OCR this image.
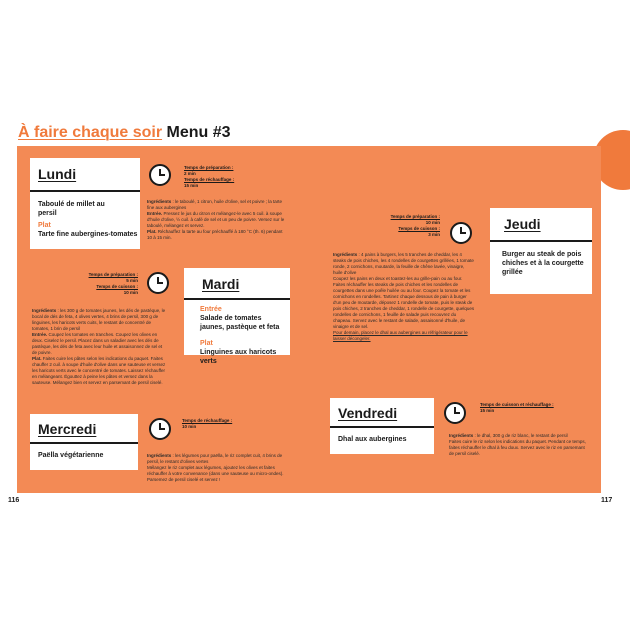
À faire chaque soir Menu #3
Lundi
Taboulé de millet au persil
Plat
Tarte fine aubergines-tomates
Temps de préparation :
2 min
Temps de réchauffage :
15 min

Ingrédients : le taboulé, 1 citron, huile d'olive, sel et poivre ; la tarte fine aux aubergines

Entrée. Pressez le jus du citron et mélangez-le avec 5 cuil. à soupe d'huile d'olive, ½ cuil. à café de sel et un peu de poivre. Versez sur le taboulé, mélangez et servez.

Plat. Réchauffez la tarte au four préchauffé à 180 °C (th. 6) pendant 10 à 15 min.

Mardi
Entrée
Salade de tomates jaunes, pastèque et feta
Plat
Linguines aux haricots verts
Temps de préparation :
5 min
Temps de cuisson :
10 min

Ingrédients : les 300 g de tomates jaunes, les dés de pastèque, le bocal de dés de feta, 4 olives vertes, 4 brins de persil, 300 g de linguines, les haricots verts cuits, le restant de concentré de tomates, 1 brin de persil

Entrée. Coupez les tomates en tranches. Coupez les olives en deux. Ciselez le persil. Placez dans un saladier avec les dés de pastèque, les dés de feta avec leur huile et assaisonnez de sel et de poivre.

Plat. Faites cuire les pâtes selon les indications du paquet. Faites chauffer 2 cuil. à soupe d'huile d'olive dans une sauteuse et versez les haricots verts avec le concentré de tomates. Laissez réchauffer en mélangeant. Égouttez à peine les pâtes et versez dans la sauteuse. Mélangez bien et servez en parsemant de persil ciselé.

Mercredi
Paëlla végétarienne
Temps de réchauffage :
10 min

Ingrédients : les légumes pour paëlla, le riz complet cuit, 4 brins de persil, le restant d'olives vertes

Mélangez le riz complet aux légumes, ajoutez les olives et faites réchauffer à votre convenance (dans une sauteuse ou micro-ondes). Parsemez de persil ciselé et servez !

Jeudi
Burger au steak de pois chiches et à la courgette grillée
Temps de préparation :
10 min
Temps de cuisson :
3 min

Ingrédients : 4 pains à burgers, les 5 tranches de cheddar, les 4 steaks de pois chiches, les 4 rondelles de courgettes grillées, 1 tomate ronde, 2 cornichons, moutarde, la feuille de chêne lavée, vinaigre, huile d'olive

Coupez les pains en deux et toastez-les au grille-pain ou au four. Faites réchauffer les steaks de pois chiches et les rondelles de courgettes dans une poêle huilée ou au four. Coupez la tomate et les cornichons en rondelles. Tartinez chaque dessous de pain à burger d'un peu de moutarde, déposez 1 rondelle de tomate, puis le steak de pois chiches, 2 tranches de cheddar, 1 rondelle de courgette, quelques rondelles de cornichons, 1 feuille de salade puis recouvrez du chapeau. Servez avec le restant de salade, assaisonné d'huile, de vinaigre et de sel.

Pour demain, placez le dhal aux aubergines au réfrigérateur pour le laisser décongeler.

Vendredi
Dhal aux aubergines
Temps de cuisson et réchauffage :
15 min

Ingrédients : le dhal, 300 g de riz blanc, le restant de persil

Faites cuire le riz selon les indications du paquet. Pendant ce temps, faites réchauffer le dhal à feu doux. Servez avec le riz en parsemant de persil ciselé.

116	117
